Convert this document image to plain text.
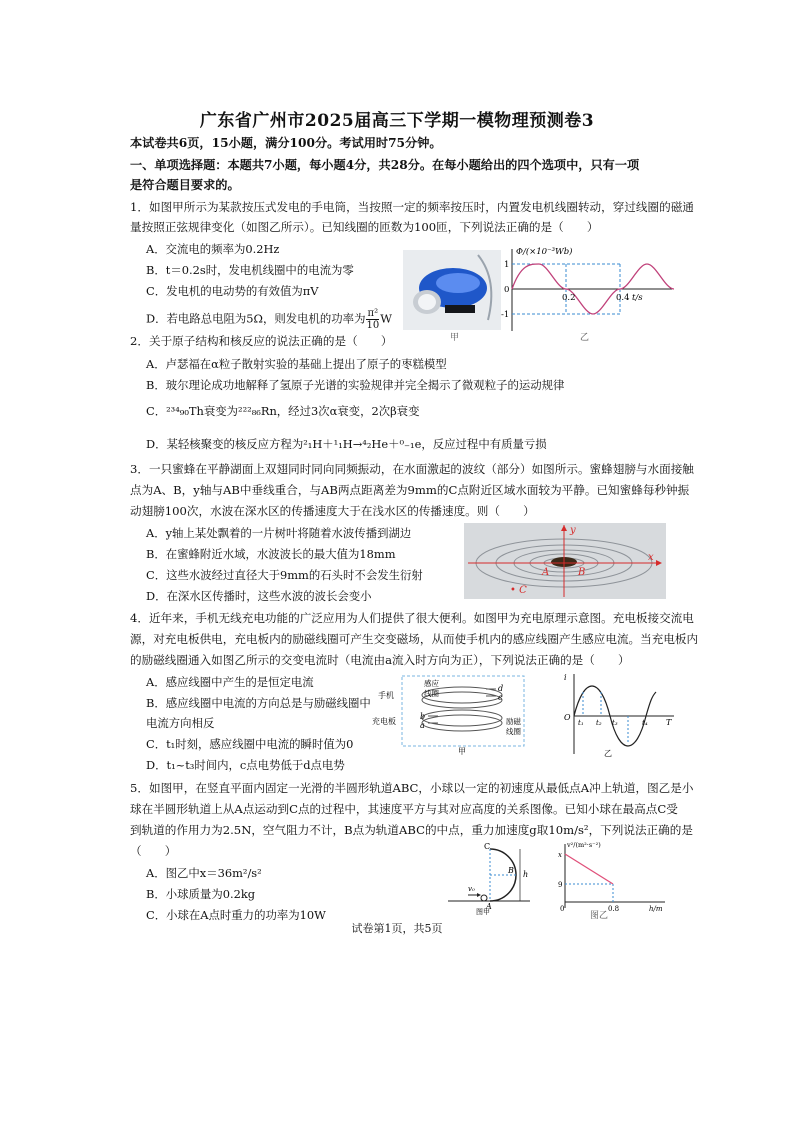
广东省广州市2025届高三下学期一模物理预测卷3
本试卷共6页，15小题，满分100分。考试用时75分钟。
一、单项选择题：本题共7小题，每小题4分，共28分。在每小题给出的四个选项中，只有一项
是符合题目要求的。
1．如图甲所示为某款按压式发电的手电筒，当按照一定的频率按压时，内置发电机线圈转动，穿过线圈的磁通
量按照正弦规律变化（如图乙所示）。已知线圈的匝数为100匝，下列说法正确的是（　　）
A．交流电的频率为0.2Hz
B．t＝0.2s时，发电机线圈中的电流为零
C．发电机的电动势的有效值为πV
D．若电路总电阻为5Ω，则发电机的功率为 $\frac{\text{π²}}{10}$ W
甲
Φ/(×10⁻³Wb)
1
-1
0
0.2	0.4 t/s
乙
2．关于原子结构和核反应的说法正确的是（　　）
A．卢瑟福在α粒子散射实验的基础上提出了原子的枣糕模型
B．玻尔理论成功地解释了氢原子光谱的实验规律并完全揭示了微观粒子的运动规律
C．²³⁴₉₀Th衰变为²²²₈₆Rn，经过3次α衰变，2次β衰变
D．某轻核聚变的核反应方程为²₁H＋¹₁H→⁴₂He＋⁰₋₁e，反应过程中有质量亏损
3．一只蜜蜂在平静湖面上双翅同时同向同频振动，在水面激起的波纹（部分）如图所示。蜜蜂翅膀与水面接触
点为A、B，y轴与AB中垂线重合，与AB两点距离差为9mm的C点附近区域水面较为平静。已知蜜蜂每秒钟振
动翅膀100次，水波在深水区的传播速度大于在浅水区的传播速度。则（　　）
A．y轴上某处飘着的一片树叶将随着水波传播到湖边
B．在蜜蜂附近水域，水波波长的最大值为18mm
C．这些水波经过直径大于9mm的石头时不会发生衍射
D．在深水区传播时，这些水波的波长会变小
y
x
A	B
• C
4．近年来，手机无线充电功能的广泛应用为人们提供了很大便利。如图甲为充电原理示意图。充电板接交流电
源，对充电板供电，充电板内的励磁线圈可产生交变磁场，从而使手机内的感应线圈产生感应电流。当充电板内
的励磁线圈通入如图乙所示的交变电流时（电流由a流入时方向为正），下列说法正确的是（　　）
A．感应线圈中产生的是恒定电流
B．感应线圈中电流的方向总是与励磁线圈中
电流方向相反
C．t₁时刻，感应线圈中电流的瞬时值为0
D．t₁~t₃时间内，c点电势低于d点电势
手机
充电板
感应
线圈
励磁
线圈
d
c
b
a
甲
i
O
t₁ t₂ t₃	t₄ T
乙
5．如图甲，在竖直平面内固定一光滑的半圆形轨道ABC，小球以一定的初速度从最低点A冲上轨道，图乙是小
球在半圆形轨道上从A点运动到C点的过程中，其速度平方与其对应高度的关系图像。已知小球在最高点C受
到轨道的作用力为2.5N，空气阻力不计，B点为轨道ABC的中点，重力加速度g取10m/s²，下列说法正确的是
（　　）
A．图乙中x＝36m²/s²
B．小球质量为0.2kg
C．小球在A点时重力的功率为10W
C
B
A
h
v₀
图甲
v²/(m²·s⁻²)
x
9
0	0.8	h/m
图乙
试卷第1页，共5页
